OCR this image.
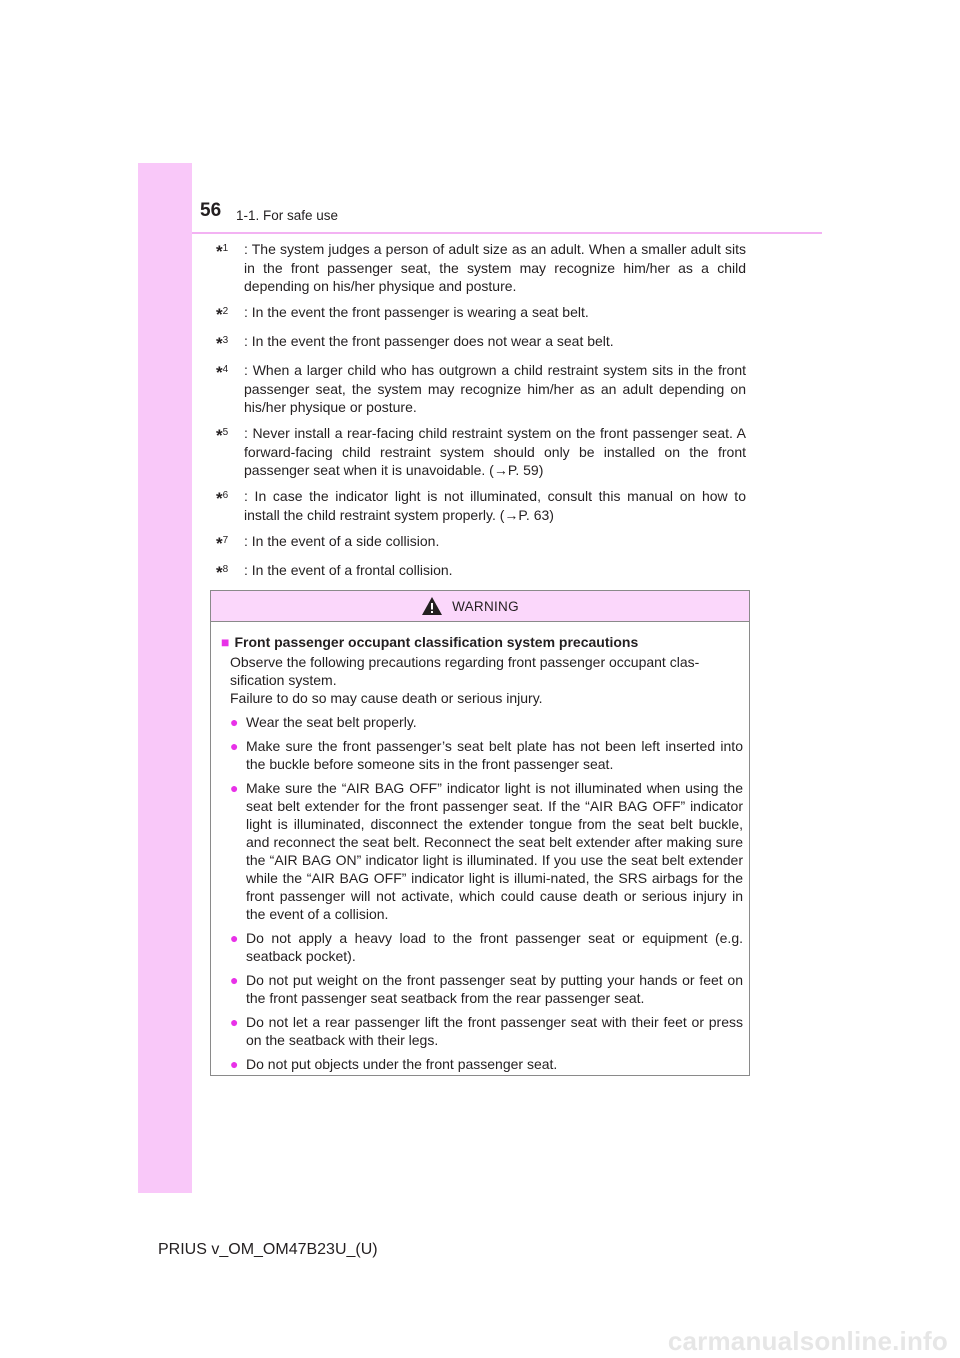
56 1-1. For safe use
*$^1$	: The system judges a person of adult size as an adult. When a smaller adult sits in the front passenger seat, the system may recognize him/her as a child depending on his/her physique and posture.
*$^2$	: In the event the front passenger is wearing a seat belt.
*$^3$	: In the event the front passenger does not wear a seat belt.
*$^4$	: When a larger child who has outgrown a child restraint system sits in the front passenger seat, the system may recognize him/her as an adult depending on his/her physique or posture.
*$^5$	: Never install a rear-facing child restraint system on the front passenger seat. A forward-facing child restraint system should only be installed on the front passenger seat when it is unavoidable. (→P. 59)
*$^6$	: In case the indicator light is not illuminated, consult this manual on how to install the child restraint system properly. (→P. 63)
*$^7$	: In the event of a side collision.
*$^8$	: In the event of a frontal collision.
WARNING
■ Front passenger occupant classification system precautions
Observe the following precautions regarding front passenger occupant clas-
sification system.
Failure to do so may cause death or serious injury.
● Wear the seat belt properly.
● Make sure the front passenger’s seat belt plate has not been left inserted into the buckle before someone sits in the front passenger seat.
● Make sure the “AIR BAG OFF” indicator light is not illuminated when using the seat belt extender for the front passenger seat. If the “AIR BAG OFF” indicator light is illuminated, disconnect the extender tongue from the seat belt buckle, and reconnect the seat belt. Reconnect the seat belt extender after making sure the “AIR BAG ON” indicator light is illuminated. If you use the seat belt extender while the “AIR BAG OFF” indicator light is illumi-nated, the SRS airbags for the front passenger will not activate, which could cause death or serious injury in the event of a collision.
● Do not apply a heavy load to the front passenger seat or equipment (e.g. seatback pocket).
● Do not put weight on the front passenger seat by putting your hands or feet on the front passenger seat seatback from the rear passenger seat.
● Do not let a rear passenger lift the front passenger seat with their feet or press on the seatback with their legs.
● Do not put objects under the front passenger seat.
PRIUS v_OM_OM47B23U_(U)
carmanualsonline.info
